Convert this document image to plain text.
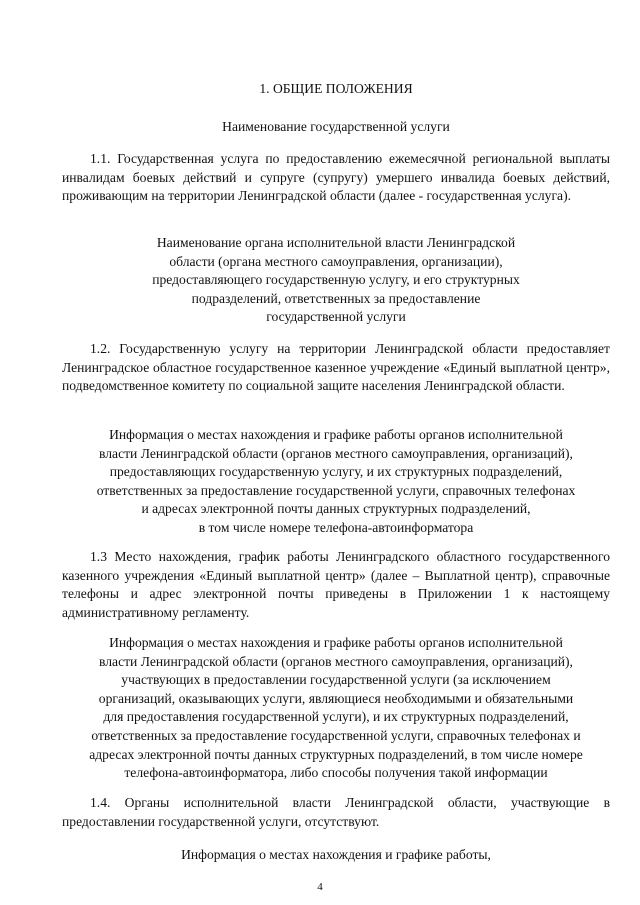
1. ОБЩИЕ ПОЛОЖЕНИЯ
Наименование государственной услуги
1.1. Государственная услуга по предоставлению ежемесячной региональной выплаты инвалидам боевых действий и супруге (супругу) умершего инвалида боевых действий, проживающим на территории Ленинградской области (далее - государственная услуга).
Наименование органа исполнительной власти Ленинградской
области (органа местного самоуправления, организации),
предоставляющего государственную услугу, и его структурных
подразделений, ответственных за предоставление
государственной услуги
1.2. Государственную услугу на территории Ленинградской области предоставляет Ленинградское областное государственное казенное учреждение «Единый выплатной центр», подведомственное комитету по социальной защите населения Ленинградской области.
Информация о местах нахождения и графике работы органов исполнительной
власти Ленинградской области (органов местного самоуправления, организаций),
предоставляющих государственную услугу, и их структурных подразделений,
ответственных за предоставление государственной услуги, справочных телефонах
и адресах электронной почты данных структурных подразделений,
в том числе номере телефона-автоинформатора
1.3 Место нахождения, график работы Ленинградского областного государственного казенного учреждения «Единый выплатной центр» (далее – Выплатной центр), справочные телефоны и адрес электронной почты приведены в Приложении 1 к настоящему административному регламенту.
Информация о местах нахождения и графике работы органов исполнительной
власти Ленинградской области (органов местного самоуправления, организаций),
участвующих в предоставлении государственной услуги (за исключением
организаций, оказывающих услуги, являющиеся необходимыми и обязательными
для предоставления государственной услуги), и их структурных подразделений,
ответственных за предоставление государственной услуги, справочных телефонах и
адресах электронной почты данных структурных подразделений, в том числе номере
телефона-автоинформатора, либо способы получения такой информации
1.4. Органы исполнительной власти Ленинградской области, участвующие в предоставлении государственной услуги, отсутствуют.
Информация о местах нахождения и графике работы,
4
